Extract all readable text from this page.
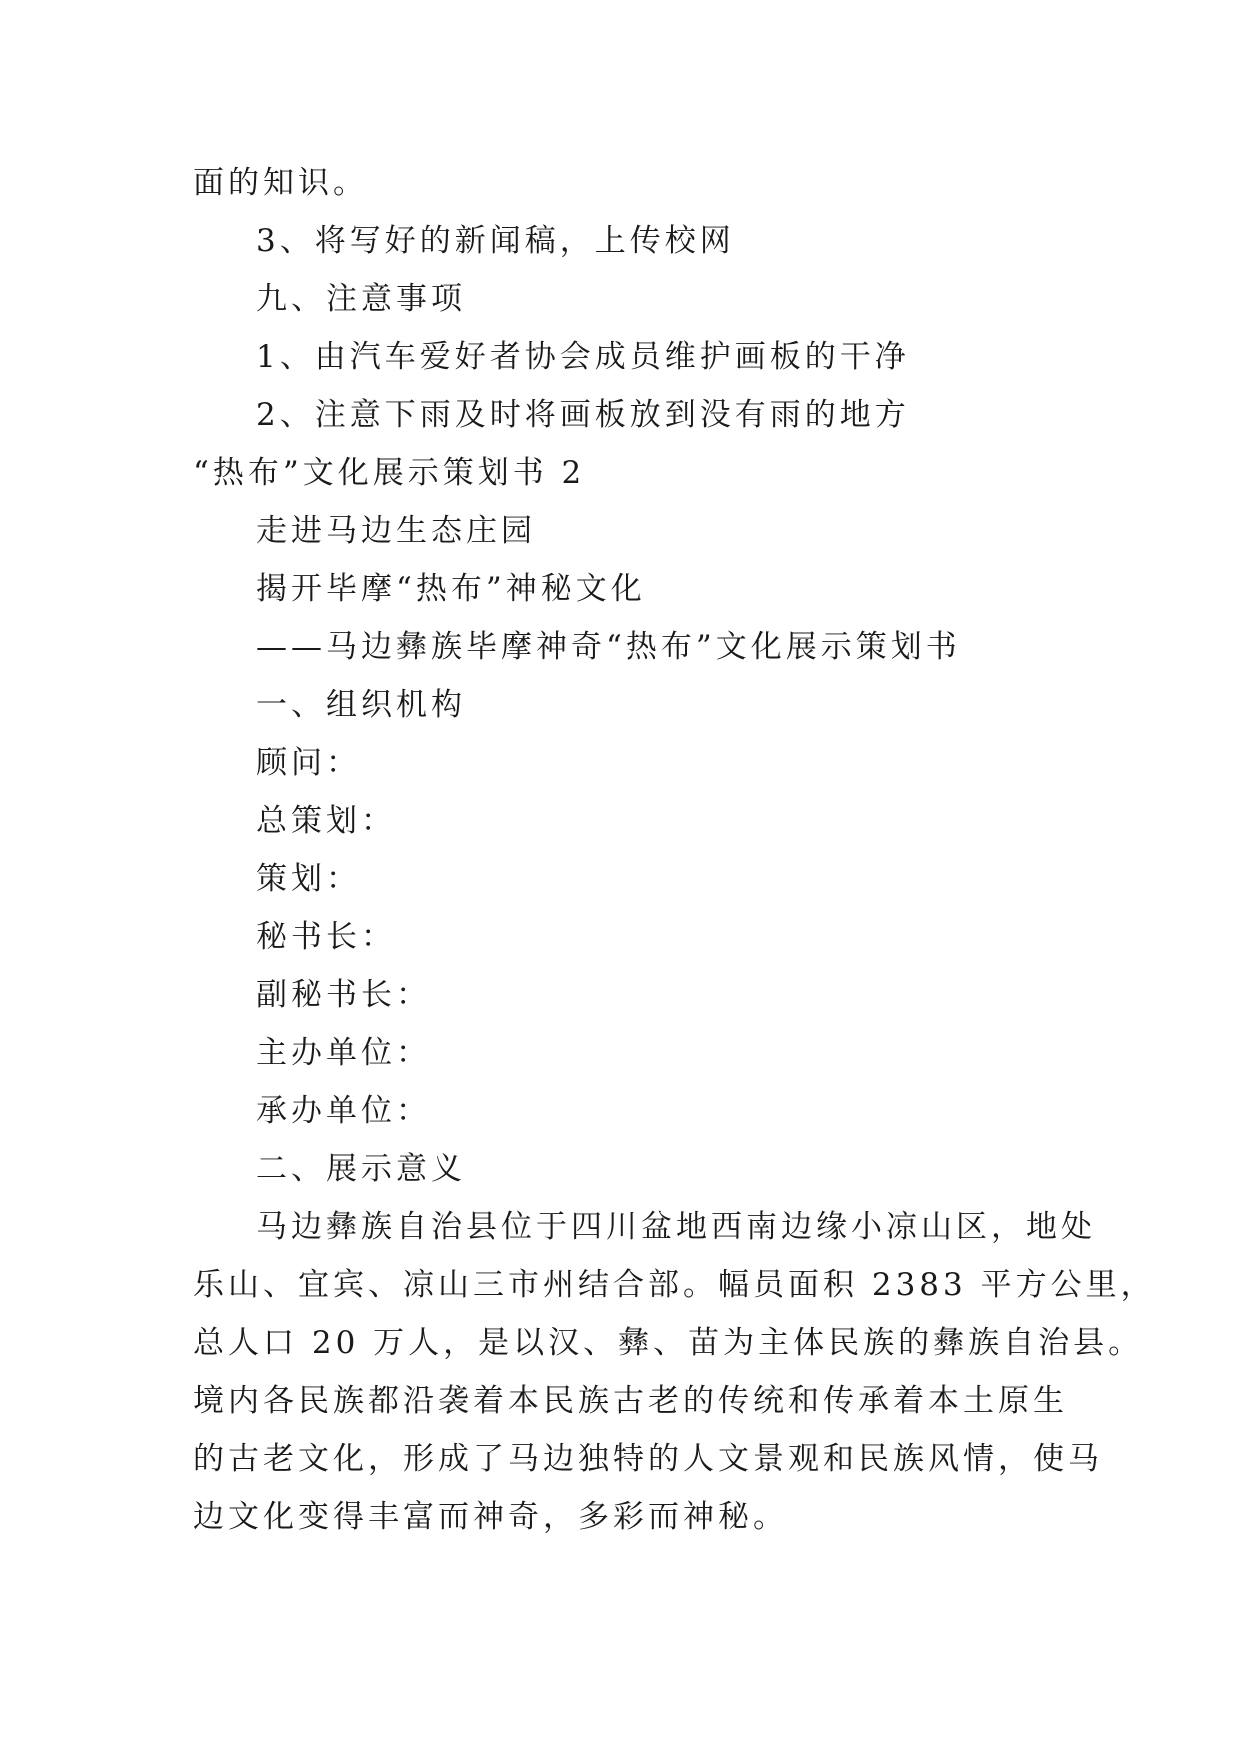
面的知识。
3、将写好的新闻稿，上传校网
九、注意事项
1、由汽车爱好者协会成员维护画板的干净
2、注意下雨及时将画板放到没有雨的地方
“热布”文化展示策划书 2
走进马边生态庄园
揭开毕摩“热布”神秘文化
——马边彝族毕摩神奇“热布”文化展示策划书
一、组织机构
顾问：
总策划：
策划：
秘书长：
副秘书长：
主办单位：
承办单位：
二、展示意义
马边彝族自治县位于四川盆地西南边缘小凉山区，地处
乐山、宜宾、凉山三市州结合部。幅员面积 2383 平方公里，
总人口 20 万人，是以汉、彝、苗为主体民族的彝族自治县。
境内各民族都沿袭着本民族古老的传统和传承着本土原生
的古老文化，形成了马边独特的人文景观和民族风情，使马
边文化变得丰富而神奇，多彩而神秘。
